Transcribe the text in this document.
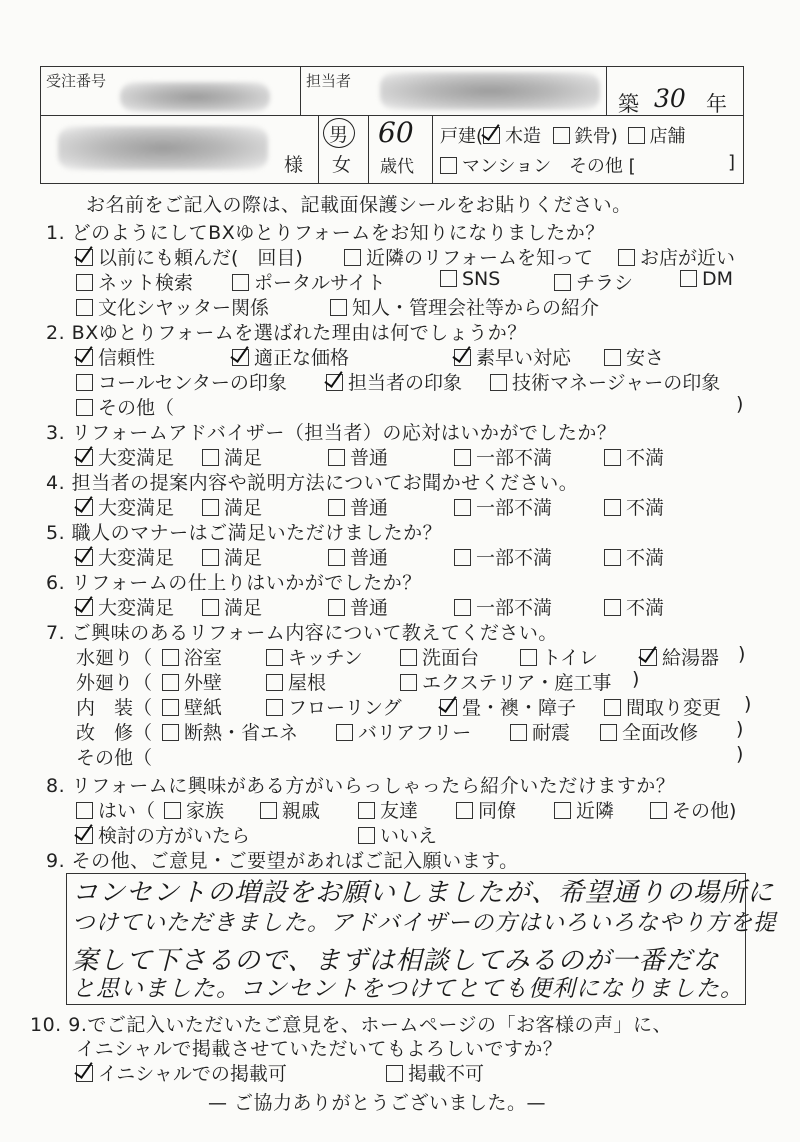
受注番号	担当者
築 30 年
様
男
女
60
歳代
戸建( 木造 鉄骨) 店舗
マンション その他 [	]
お名前をご記入の際は、記載面保護シールをお貼りください。
1. どのようにしてBXゆとりフォームをお知りになりましたか？
以前にも頼んだ(　回目)	近隣のリフォームを知って	お店が近い
ネット検索	ポータルサイト	SNS	チラシ	DM
文化シヤッター関係	知人・管理会社等からの紹介
2. BXゆとりフォームを選ばれた理由は何でしょうか？
信頼性	適正な価格	素早い対応	安さ
コールセンターの印象	担当者の印象	技術マネージャーの印象
その他（	)
3. リフォームアドバイザー（担当者）の応対はいかがでしたか？
大変満足	満足	普通	一部不満	不満
4. 担当者の提案内容や説明方法についてお聞かせください。
大変満足	満足	普通	一部不満	不満
5. 職人のマナーはご満足いただけましたか？
大変満足	満足	普通	一部不満	不満
6. リフォームの仕上りはいかがでしたか？
大変満足	満足	普通	一部不満	不満
7. ご興味のあるリフォーム内容について教えてください。
水廻り（	浴室	キッチン	洗面台	トイレ	給湯器 )
外廻り（	外壁	屋根	エクステリア・庭工事 )
内　装（	壁紙	フローリング	畳・襖・障子	間取り変更 )
改　修（	断熱・省エネ	バリアフリー	耐震	全面改修 )
その他（	)
8. リフォームに興味がある方がいらっしゃったら紹介いただけますか？
はい（	家族	親戚	友達	同僚	近隣	その他)
検討の方がいたら	いいえ
9. その他、ご意見・ご要望があればご記入願います。
コンセントの増設をお願いしましたが、希望通りの場所に
つけていただきました。アドバイザーの方はいろいろなやり方を提
案して下さるので、まずは相談してみるのが一番だな
と思いました。コンセントをつけてとても便利になりました。
10. 9.でご記入いただいたご意見を、ホームページの「お客様の声」に、
イニシャルで掲載させていただいてもよろしいですか？
イニシャルでの掲載可	掲載不可
— ご協力ありがとうございました。—
